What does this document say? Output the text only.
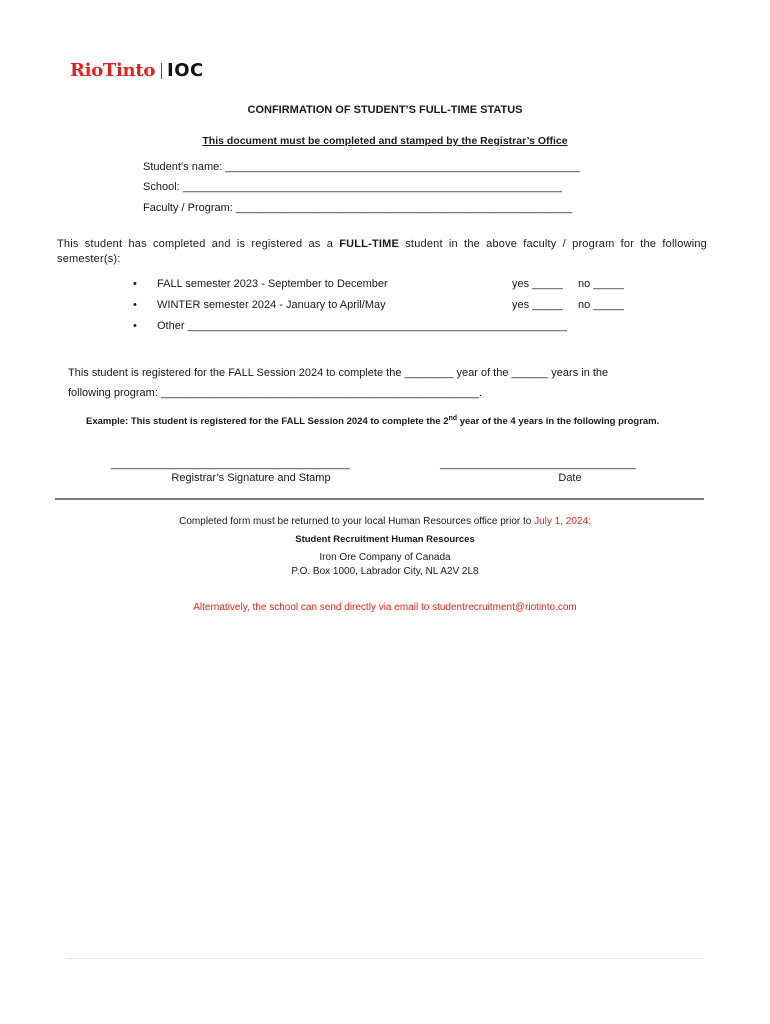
RioTinto IOC
CONFIRMATION OF STUDENT’S FULL-TIME STATUS
This document must be completed and stamped by the Registrar’s Office
Student’s name: __________________________________________________________
School: ______________________________________________________________
Faculty / Program: _______________________________________________________
This student has completed and is registered as a FULL-TIME student in the above faculty / program for the following semester(s):
• FALL semester 2023 - September to December	yes _____ no _____
• WINTER semester 2024 - January to April/May	yes _____ no _____
• Other ______________________________________________________________
This student is registered for the FALL Session 2024 to complete the ________ year of the ______ years in the
following program: ____________________________________________________.
Example: This student is registered for the FALL Session 2024 to complete the 2nd year of the 4 years in the following program.
_______________________________________
Registrar’s Signature and Stamp
________________________________
Date
Completed form must be returned to your local Human Resources office prior to July 1, 2024:
Student Recruitment Human Resources
Iron Ore Company of Canada
P.O. Box 1000, Labrador City, NL A2V 2L8
Alternatively, the school can send directly via email to studentrecruitment@riotinto.com
